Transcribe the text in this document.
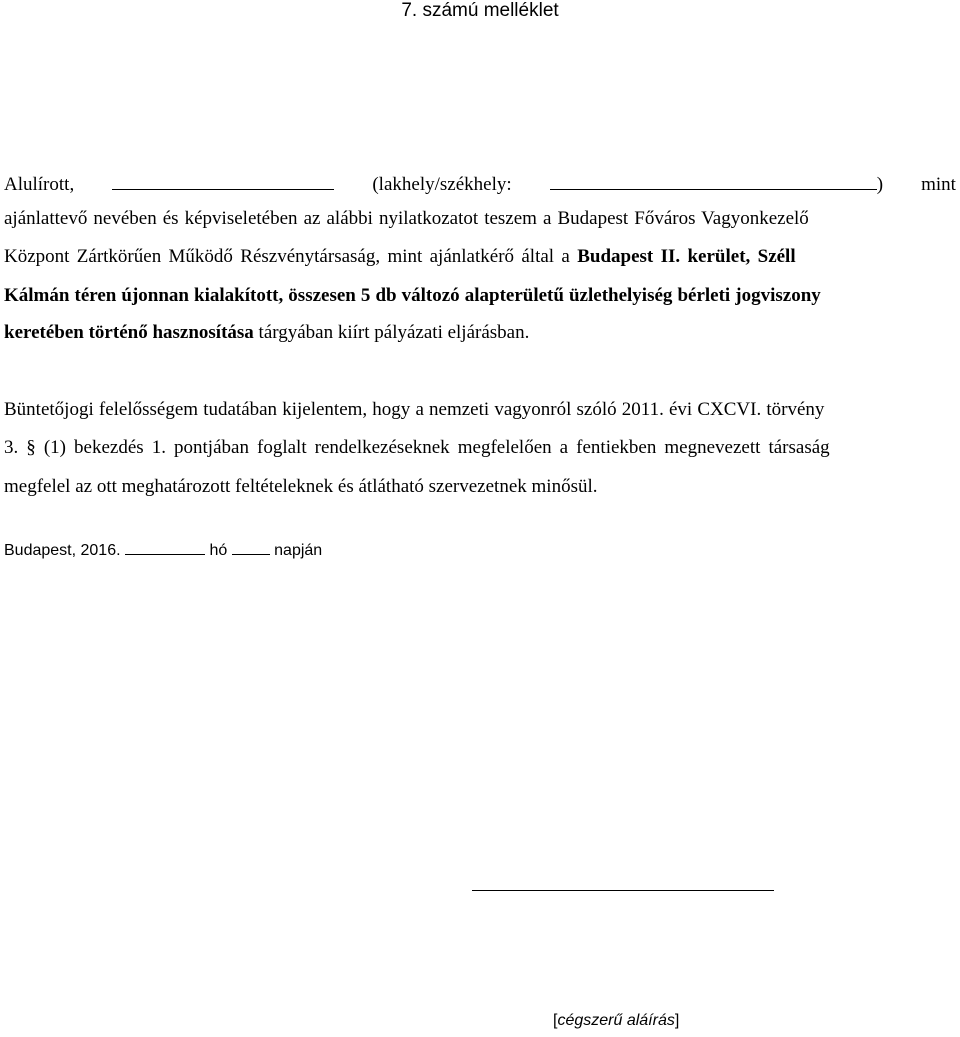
7. számú melléklet
Alulírott,	(lakhely/székhely:	) mint
ajánlattevő nevében és képviseletében az alábbi nyilatkozatot teszem a Budapest Főváros Vagyonkezelő
Központ Zártkörűen Működő Részvénytársaság, mint ajánlatkérő által a Budapest II. kerület, Széll
Kálmán téren újonnan kialakított, összesen 5 db változó alapterületű üzlethelyiség bérleti jogviszony
keretében történő hasznosítása tárgyában kiírt pályázati eljárásban.
Büntetőjogi felelősségem tudatában kijelentem, hogy a nemzeti vagyonról szóló 2011. évi CXCVI. törvény
3. § (1) bekezdés 1. pontjában foglalt rendelkezéseknek megfelelően a fentiekben megnevezett társaság
megfelel az ott meghatározott feltételeknek és átlátható szervezetnek minősül.
Budapest, 2016.	hó	napján
[cégszerű aláírás]
